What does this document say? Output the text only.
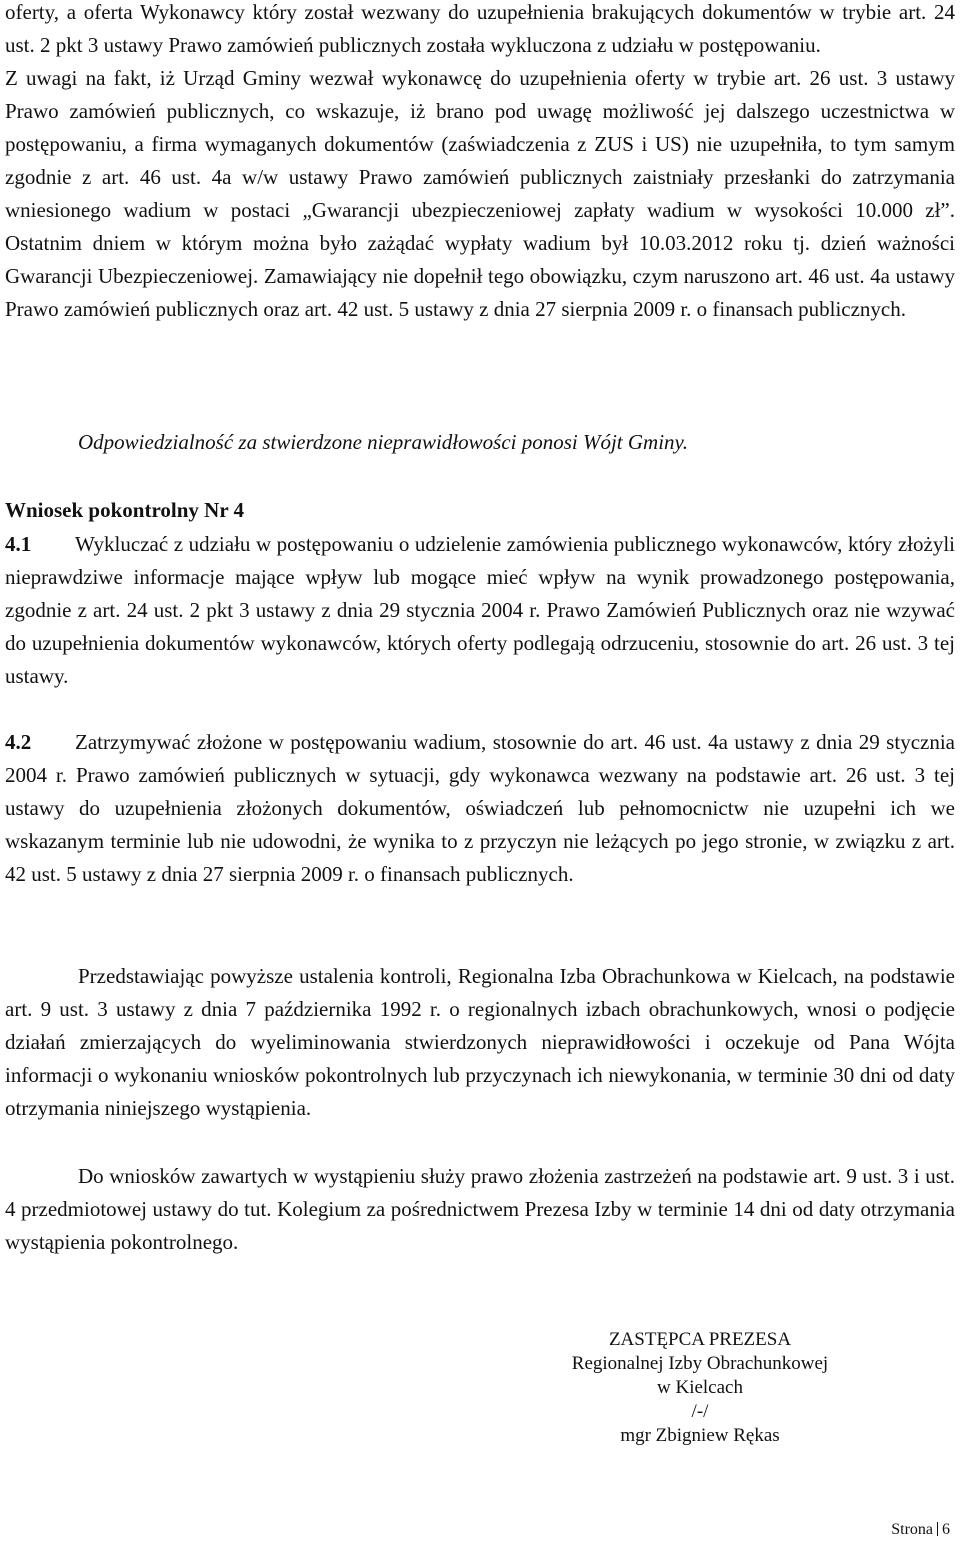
oferty, a oferta Wykonawcy który został wezwany do uzupełnienia brakujących dokumentów w trybie art. 24 ust. 2 pkt 3 ustawy Prawo zamówień publicznych została wykluczona z udziału w postępowaniu.

Z uwagi na fakt, iż Urząd Gminy wezwał wykonawcę do uzupełnienia oferty w trybie art. 26 ust. 3 ustawy Prawo zamówień publicznych, co wskazuje, iż brano pod uwagę możliwość jej dalszego uczestnictwa w postępowaniu, a firma wymaganych dokumentów (zaświadczenia z ZUS i US) nie uzupełniła, to tym samym zgodnie z art. 46 ust. 4a w/w ustawy Prawo zamówień publicznych zaistniały przesłanki do zatrzymania wniesionego wadium w postaci „Gwarancji ubezpieczeniowej zapłaty wadium w wysokości 10.000 zł”. Ostatnim dniem w którym można było zażądać wypłaty wadium był 10.03.2012 roku tj. dzień ważności Gwarancji Ubezpieczeniowej. Zamawiający nie dopełnił tego obowiązku, czym naruszono art. 46 ust. 4a ustawy Prawo zamówień publicznych oraz art. 42 ust. 5 ustawy z dnia 27 sierpnia 2009 r. o finansach publicznych.

Odpowiedzialność za stwierdzone nieprawidłowości ponosi Wójt Gminy.

Wniosek pokontrolny Nr 4

4.1 Wykluczać z udziału w postępowaniu o udzielenie zamówienia publicznego wykonawców, który złożyli nieprawdziwe informacje mające wpływ lub mogące mieć wpływ na wynik prowadzonego postępowania, zgodnie z art. 24 ust. 2 pkt 3 ustawy z dnia 29 stycznia 2004 r. Prawo Zamówień Publicznych oraz nie wzywać do uzupełnienia dokumentów wykonawców, których oferty podlegają odrzuceniu, stosownie do art. 26 ust. 3 tej ustawy.

4.2 Zatrzymywać złożone w postępowaniu wadium, stosownie do art. 46 ust. 4a ustawy z dnia 29 stycznia 2004 r. Prawo zamówień publicznych w sytuacji, gdy wykonawca wezwany na podstawie art. 26 ust. 3 tej ustawy do uzupełnienia złożonych dokumentów, oświadczeń lub pełnomocnictw nie uzupełni ich we wskazanym terminie lub nie udowodni, że wynika to z przyczyn nie leżących po jego stronie, w związku z art. 42 ust. 5 ustawy z dnia 27 sierpnia 2009 r. o finansach publicznych.

Przedstawiając powyższe ustalenia kontroli, Regionalna Izba Obrachunkowa w Kielcach, na podstawie art. 9 ust. 3 ustawy z dnia 7 października 1992 r. o regionalnych izbach obrachunkowych, wnosi o podjęcie działań zmierzających do wyeliminowania stwierdzonych nieprawidłowości i oczekuje od Pana Wójta informacji o wykonaniu wniosków pokontrolnych lub przyczynach ich niewykonania, w terminie 30 dni od daty otrzymania niniejszego wystąpienia.

Do wniosków zawartych w wystąpieniu służy prawo złożenia zastrzeżeń na podstawie art. 9 ust. 3 i ust. 4 przedmiotowej ustawy do tut. Kolegium za pośrednictwem Prezesa Izby w terminie 14 dni od daty otrzymania wystąpienia pokontrolnego.

ZASTĘPCA PREZESA
Regionalnej Izby Obrachunkowej
w Kielcach
/-/
mgr Zbigniew Rękas
Strona 6
